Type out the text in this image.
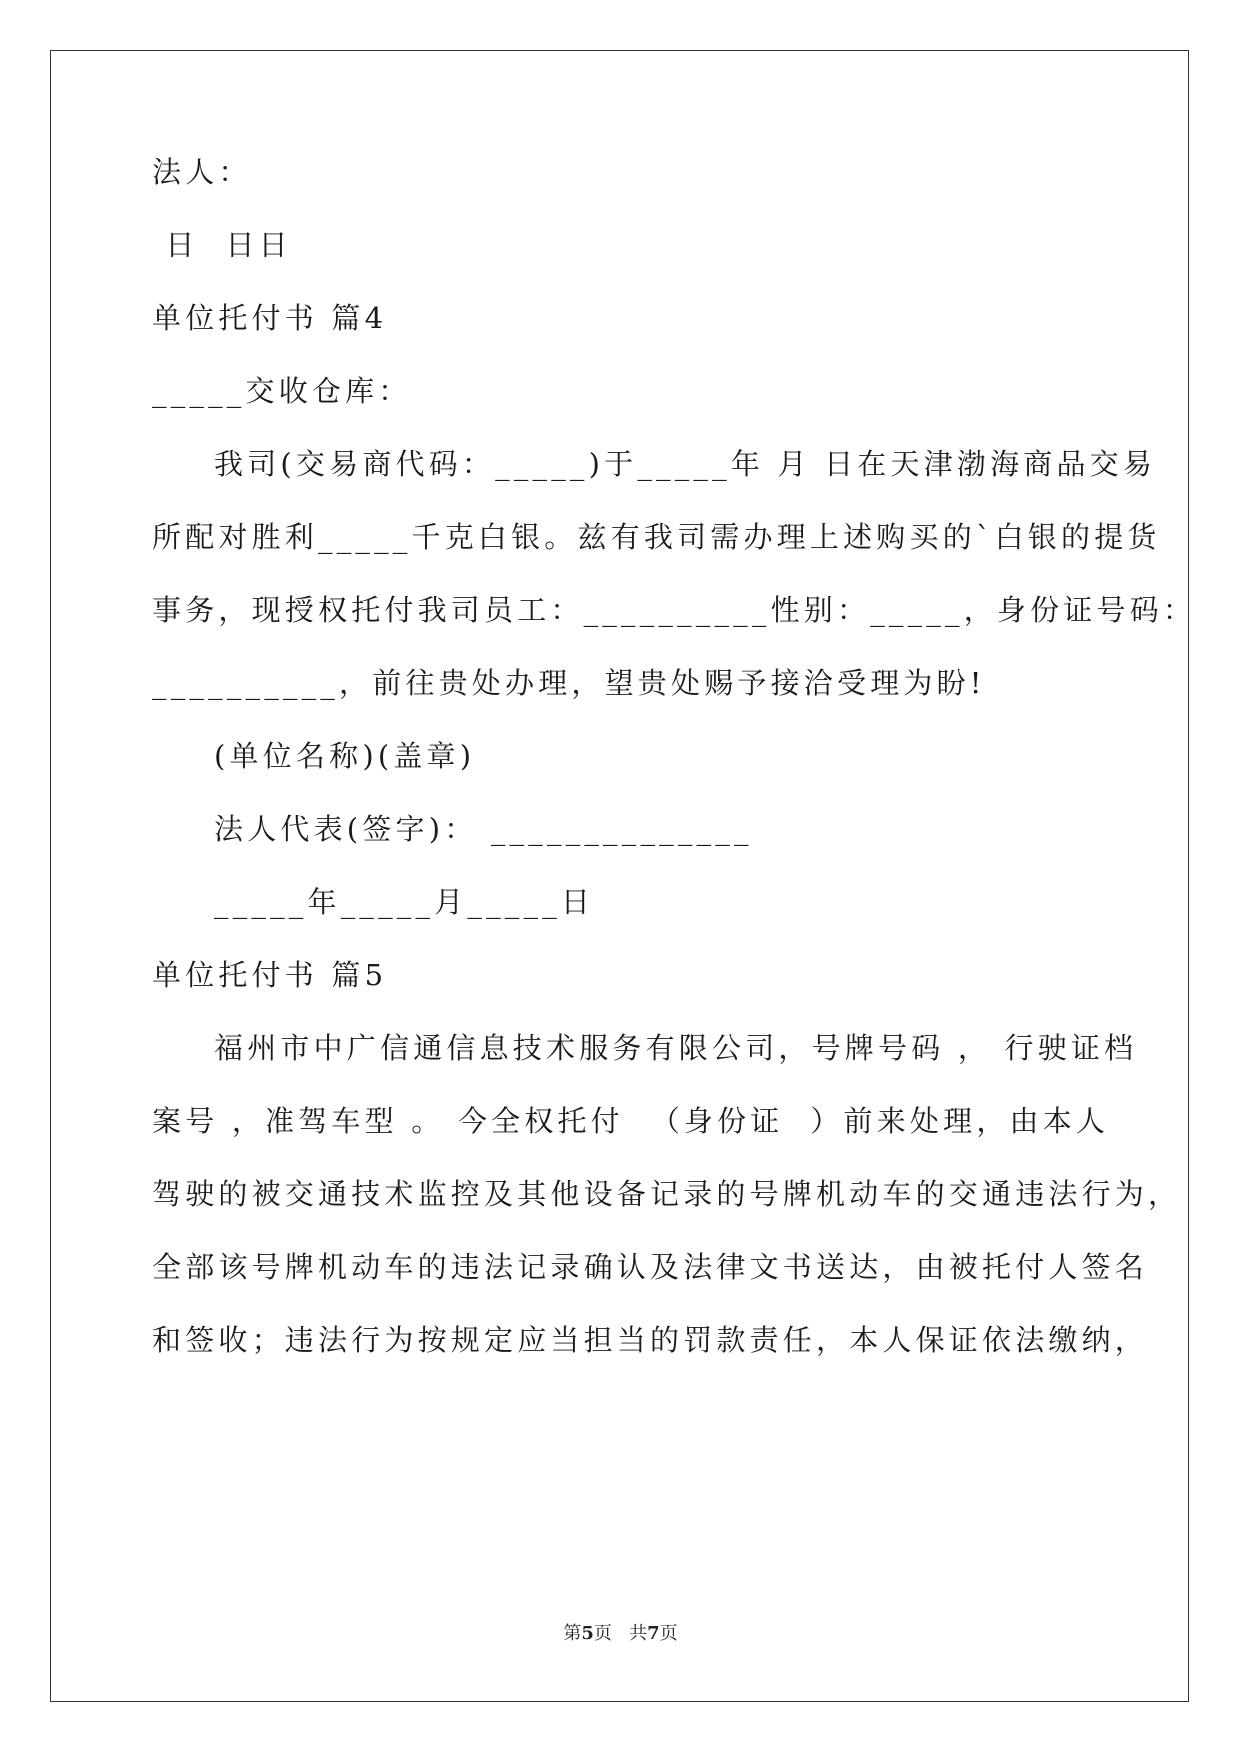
法人：
日  日日
单位托付书 篇4
_____交收仓库：
我司(交易商代码：_____)于_____年 月 日在天津渤海商品交易
所配对胜利_____千克白银。兹有我司需办理上述购买的`白银的提货
事务，现授权托付我司员工：__________性别：_____，身份证号码：
__________，前往贵处办理，望贵处赐予接洽受理为盼!
(单位名称)(盖章)
法人代表(签字)： ______________
_____年_____月_____日
单位托付书 篇5
福州市中广信通信息技术服务有限公司，号牌号码 ， 行驶证档
案号 ，准驾车型 。 今全权托付  （身份证  ）前来处理，由本人
驾驶的被交通技术监控及其他设备记录的号牌机动车的交通违法行为，
全部该号牌机动车的违法记录确认及法律文书送达，由被托付人签名
和签收；违法行为按规定应当担当的罚款责任，本人保证依法缴纳，
第5页   共7页
